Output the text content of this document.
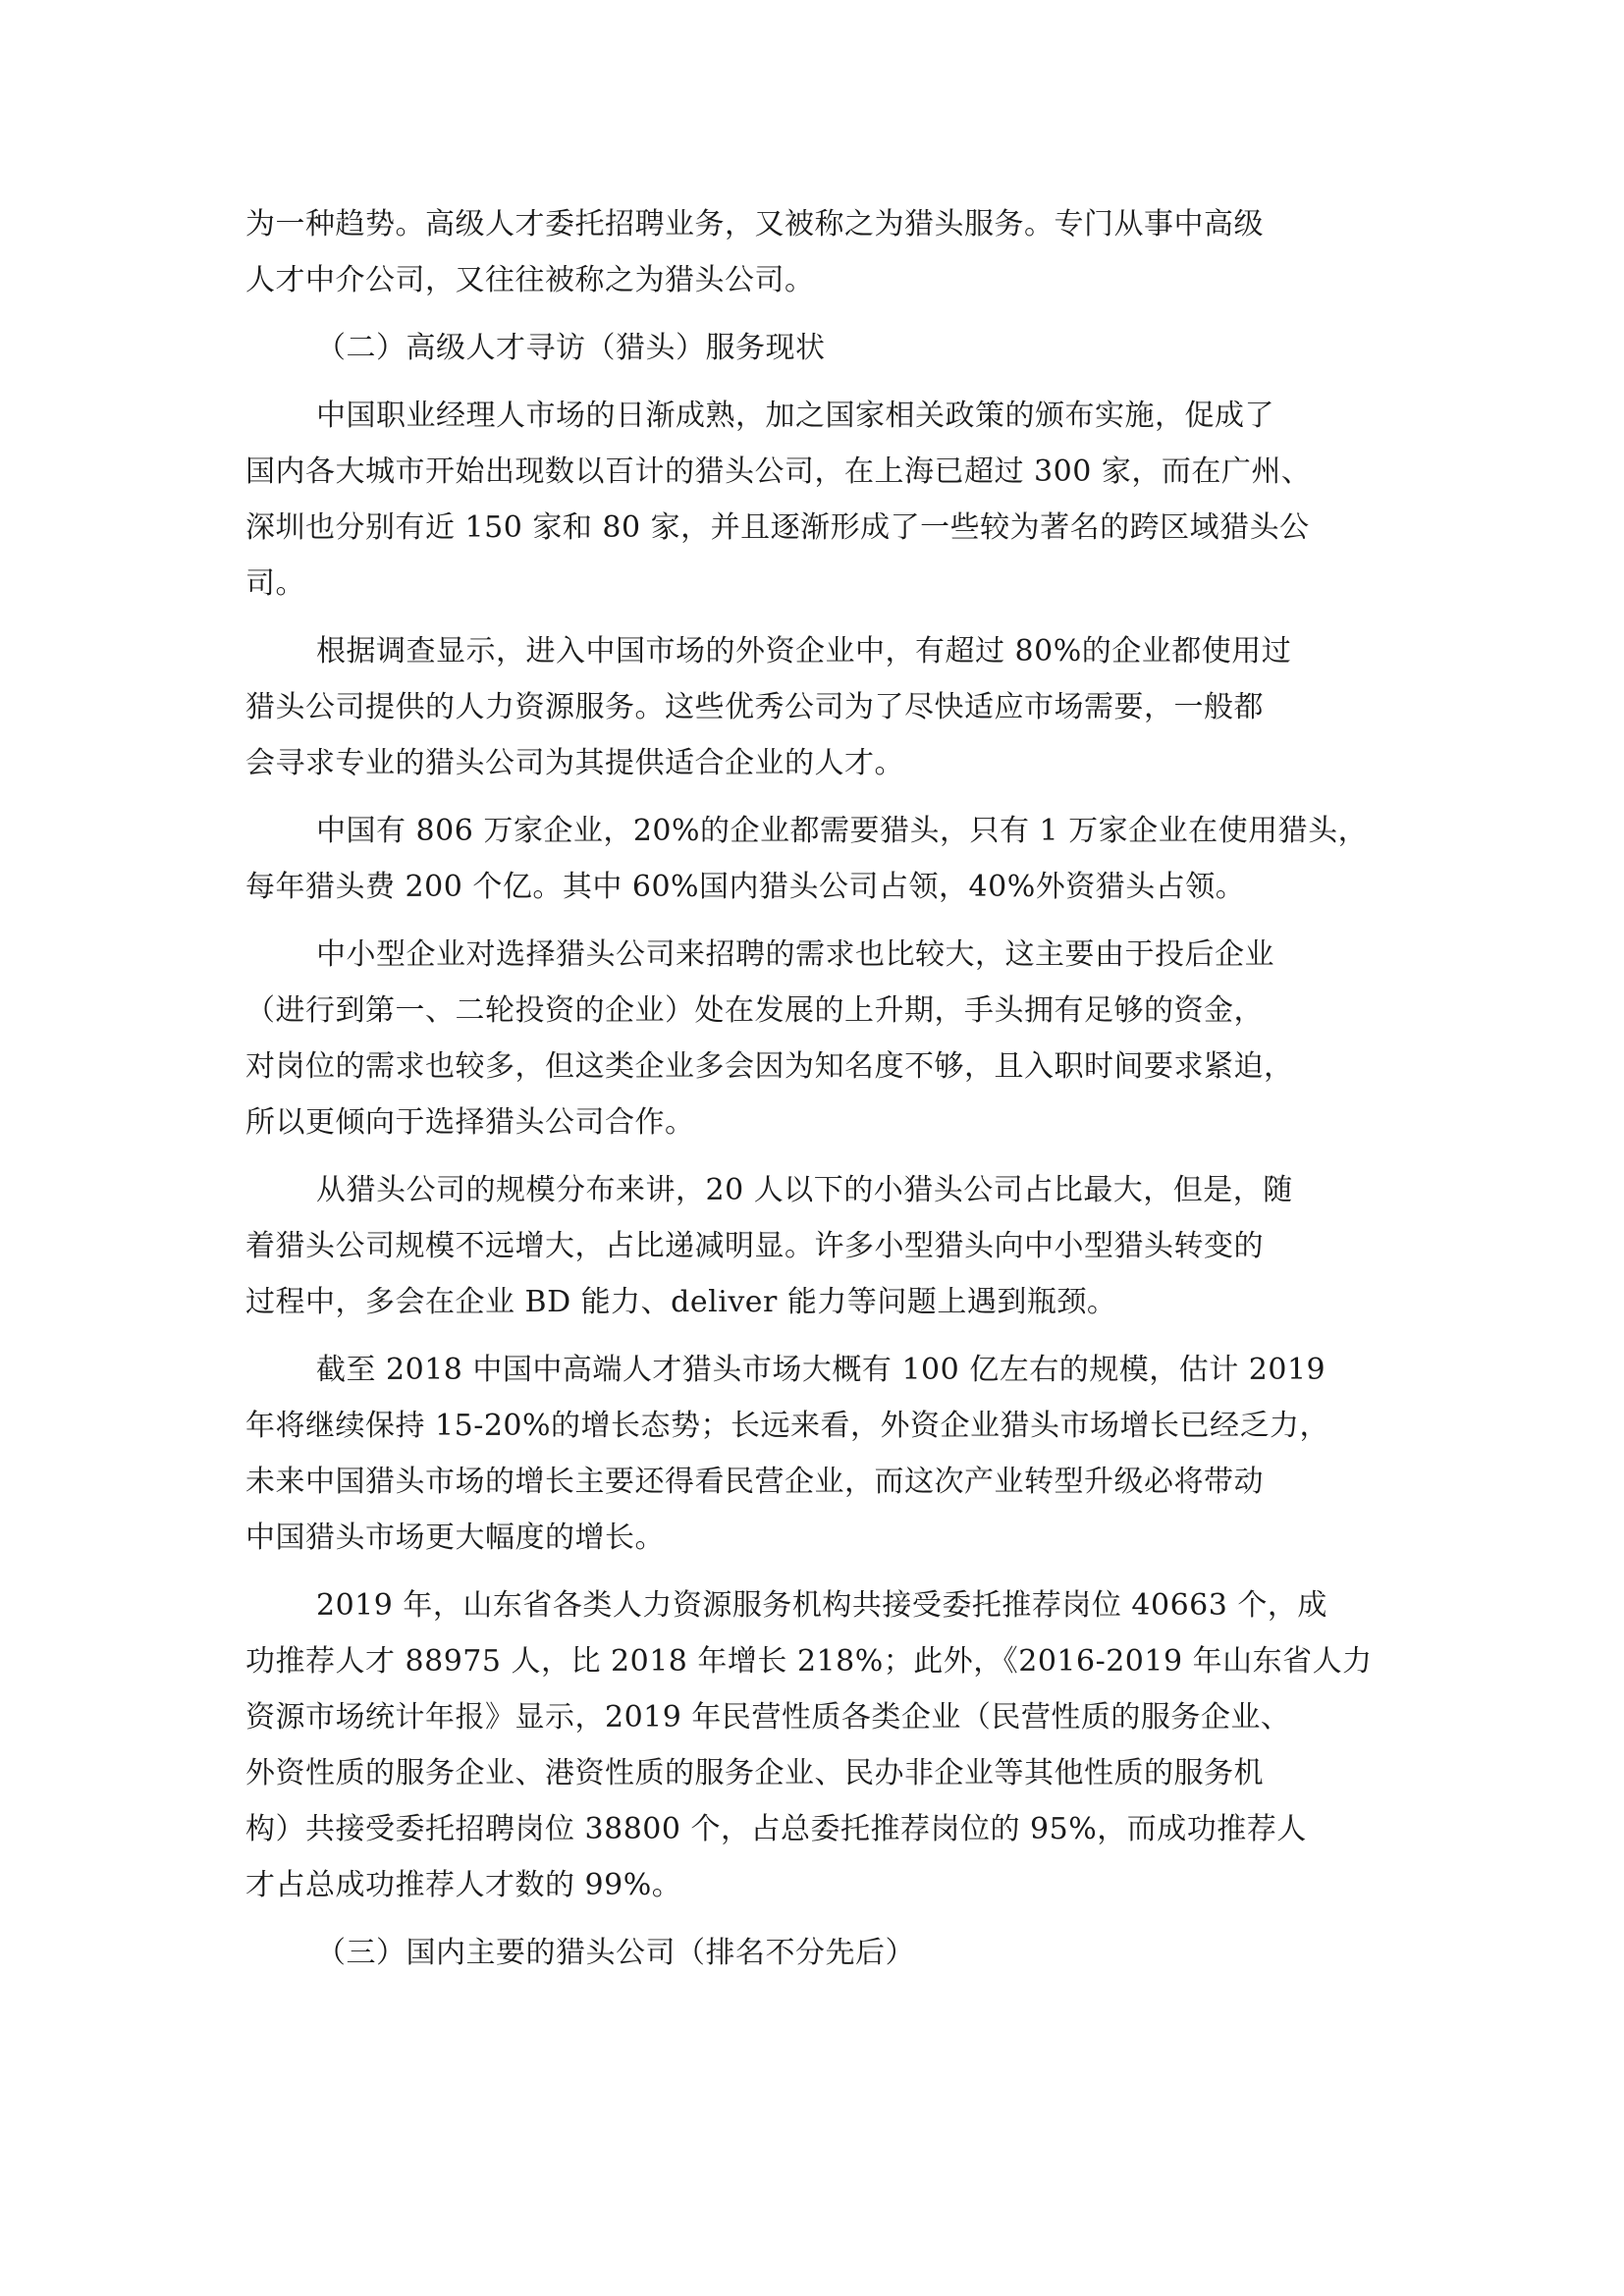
为一种趋势。高级人才委托招聘业务，又被称之为猎头服务。专门从事中高级
人才中介公司，又往往被称之为猎头公司。
（二）高级人才寻访（猎头）服务现状
中国职业经理人市场的日渐成熟，加之国家相关政策的颁布实施，促成了
国内各大城市开始出现数以百计的猎头公司，在上海已超过 300 家，而在广州、
深圳也分别有近 150 家和 80 家，并且逐渐形成了一些较为著名的跨区域猎头公
司。
根据调查显示，进入中国市场的外资企业中，有超过 80%的企业都使用过
猎头公司提供的人力资源服务。这些优秀公司为了尽快适应市场需要，一般都
会寻求专业的猎头公司为其提供适合企业的人才。
中国有 806 万家企业，20%的企业都需要猎头，只有 1 万家企业在使用猎头，
每年猎头费 200 个亿。其中 60%国内猎头公司占领，40%外资猎头占领。
中小型企业对选择猎头公司来招聘的需求也比较大，这主要由于投后企业
（进行到第一、二轮投资的企业）处在发展的上升期，手头拥有足够的资金，
对岗位的需求也较多，但这类企业多会因为知名度不够，且入职时间要求紧迫，
所以更倾向于选择猎头公司合作。
从猎头公司的规模分布来讲，20 人以下的小猎头公司占比最大，但是，随
着猎头公司规模不远增大，占比递减明显。许多小型猎头向中小型猎头转变的
过程中，多会在企业 BD 能力、deliver 能力等问题上遇到瓶颈。
截至 2018 中国中高端人才猎头市场大概有 100 亿左右的规模，估计 2019
年将继续保持 15-20%的增长态势；长远来看，外资企业猎头市场增长已经乏力，
未来中国猎头市场的增长主要还得看民营企业，而这次产业转型升级必将带动
中国猎头市场更大幅度的增长。
2019 年，山东省各类人力资源服务机构共接受委托推荐岗位 40663 个，成
功推荐人才 88975 人，比 2018 年增长 218%；此外，《2016-2019 年山东省人力
资源市场统计年报》显示，2019 年民营性质各类企业（民营性质的服务企业、
外资性质的服务企业、港资性质的服务企业、民办非企业等其他性质的服务机
构）共接受委托招聘岗位 38800 个，占总委托推荐岗位的 95%，而成功推荐人
才占总成功推荐人才数的 99%。
（三）国内主要的猎头公司（排名不分先后）
